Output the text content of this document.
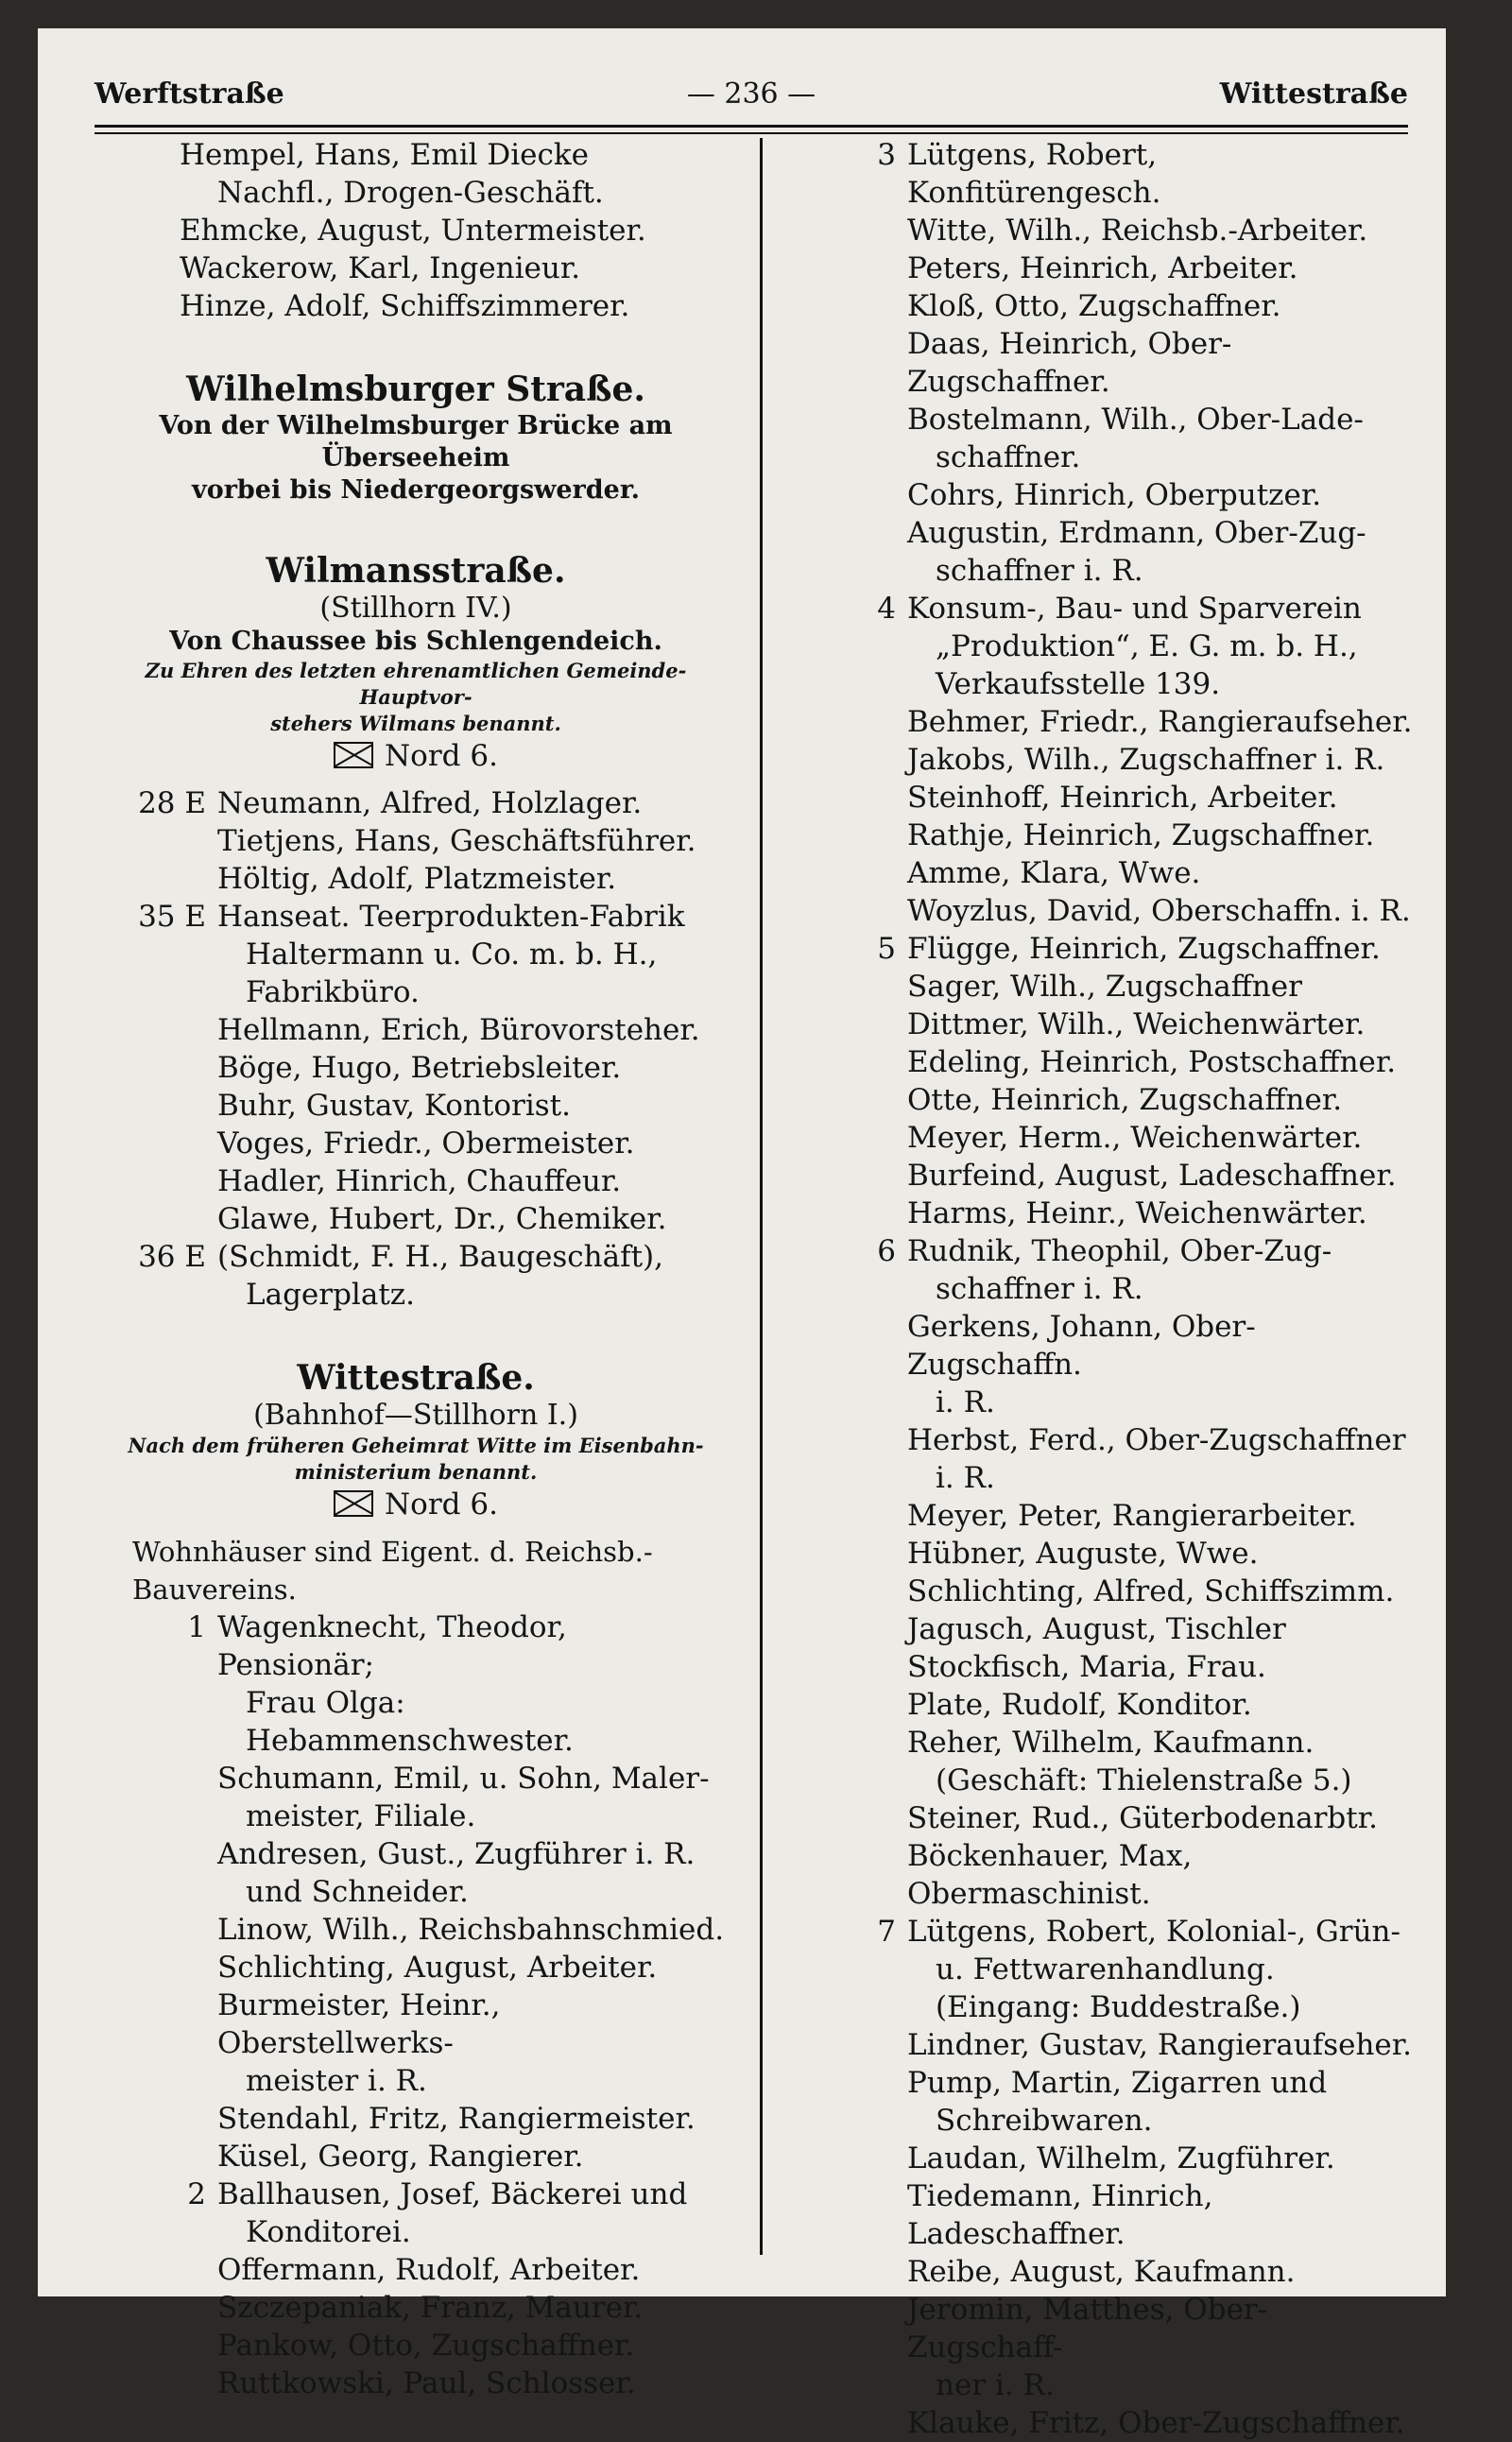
Werftstraße	— 236 —	Wittestraße
Hempel, Hans, Emil Diecke
Nachfl., Drogen-Geschäft.
Ehmcke, August, Untermeister.
Wackerow, Karl, Ingenieur.
Hinze, Adolf, Schiffszimmerer.
Wilhelmsburger Straße.
Von der Wilhelmsburger Brücke am Überseeheim
vorbei bis Niedergeorgswerder.
Wilmansstraße.
(Stillhorn IV.)
Von Chaussee bis Schlengendeich.
Zu Ehren des letzten ehrenamtlichen Gemeinde-Hauptvor-
stehers Wilmans benannt.
Nord 6.
28 E Neumann, Alfred, Holzlager.
Tietjens, Hans, Geschäftsführer.
Höltig, Adolf, Platzmeister.
35 E Hanseat. Teerprodukten-Fabrik
Haltermann u. Co. m. b. H.,
Fabrikbüro.
Hellmann, Erich, Bürovorsteher.
Böge, Hugo, Betriebsleiter.
Buhr, Gustav, Kontorist.
Voges, Friedr., Obermeister.
Hadler, Hinrich, Chauffeur.
Glawe, Hubert, Dr., Chemiker.
36 E (Schmidt, F. H., Baugeschäft),
Lagerplatz.
Wittestraße.
(Bahnhof—Stillhorn I.)
Nach dem früheren Geheimrat Witte im Eisenbahn-
ministerium benannt.
Nord 6.
Wohnhäuser sind Eigent. d. Reichsb.-Bauvereins.
1 Wagenknecht, Theodor, Pensionär;
Frau Olga: Hebammenschwester.
Schumann, Emil, u. Sohn, Maler-
meister, Filiale.
Andresen, Gust., Zugführer i. R.
und Schneider.
Linow, Wilh., Reichsbahnschmied.
Schlichting, August, Arbeiter.
Burmeister, Heinr., Oberstellwerks-
meister i. R.
Stendahl, Fritz, Rangiermeister.
Küsel, Georg, Rangierer.
2 Ballhausen, Josef, Bäckerei und
Konditorei.
Offermann, Rudolf, Arbeiter.
Szczepaniak, Franz, Maurer.
Pankow, Otto, Zugschaffner.
Ruttkowski, Paul, Schlosser.
3 Lütgens, Robert, Konfitürengesch.
Witte, Wilh., Reichsb.-Arbeiter.
Peters, Heinrich, Arbeiter.
Kloß, Otto, Zugschaffner.
Daas, Heinrich, Ober-Zugschaffner.
Bostelmann, Wilh., Ober-Lade-
schaffner.
Cohrs, Hinrich, Oberputzer.
Augustin, Erdmann, Ober-Zug-
schaffner i. R.
4 Konsum-, Bau- und Sparverein
„Produktion“, E. G. m. b. H.,
Verkaufsstelle 139.
Behmer, Friedr., Rangieraufseher.
Jakobs, Wilh., Zugschaffner i. R.
Steinhoff, Heinrich, Arbeiter.
Rathje, Heinrich, Zugschaffner.
Amme, Klara, Wwe.
Woyzlus, David, Oberschaffn. i. R.
5 Flügge, Heinrich, Zugschaffner.
Sager, Wilh., Zugschaffner
Dittmer, Wilh., Weichenwärter.
Edeling, Heinrich, Postschaffner.
Otte, Heinrich, Zugschaffner.
Meyer, Herm., Weichenwärter.
Burfeind, August, Ladeschaffner.
Harms, Heinr., Weichenwärter.
6 Rudnik, Theophil, Ober-Zug-
schaffner i. R.
Gerkens, Johann, Ober-Zugschaffn.
i. R.
Herbst, Ferd., Ober-Zugschaffner
i. R.
Meyer, Peter, Rangierarbeiter.
Hübner, Auguste, Wwe.
Schlichting, Alfred, Schiffszimm.
Jagusch, August, Tischler
Stockfisch, Maria, Frau.
Plate, Rudolf, Konditor.
Reher, Wilhelm, Kaufmann.
(Geschäft: Thielenstraße 5.)
Steiner, Rud., Güterbodenarbtr.
Böckenhauer, Max, Obermaschinist.
7 Lütgens, Robert, Kolonial-, Grün-
u. Fettwarenhandlung.
(Eingang: Buddestraße.)
Lindner, Gustav, Rangieraufseher.
Pump, Martin, Zigarren und
Schreibwaren.
Laudan, Wilhelm, Zugführer.
Tiedemann, Hinrich, Ladeschaffner.
Reibe, August, Kaufmann.
Jeromin, Matthes, Ober-Zugschaff-
ner i. R.
Klauke, Fritz, Ober-Zugschaffner.
